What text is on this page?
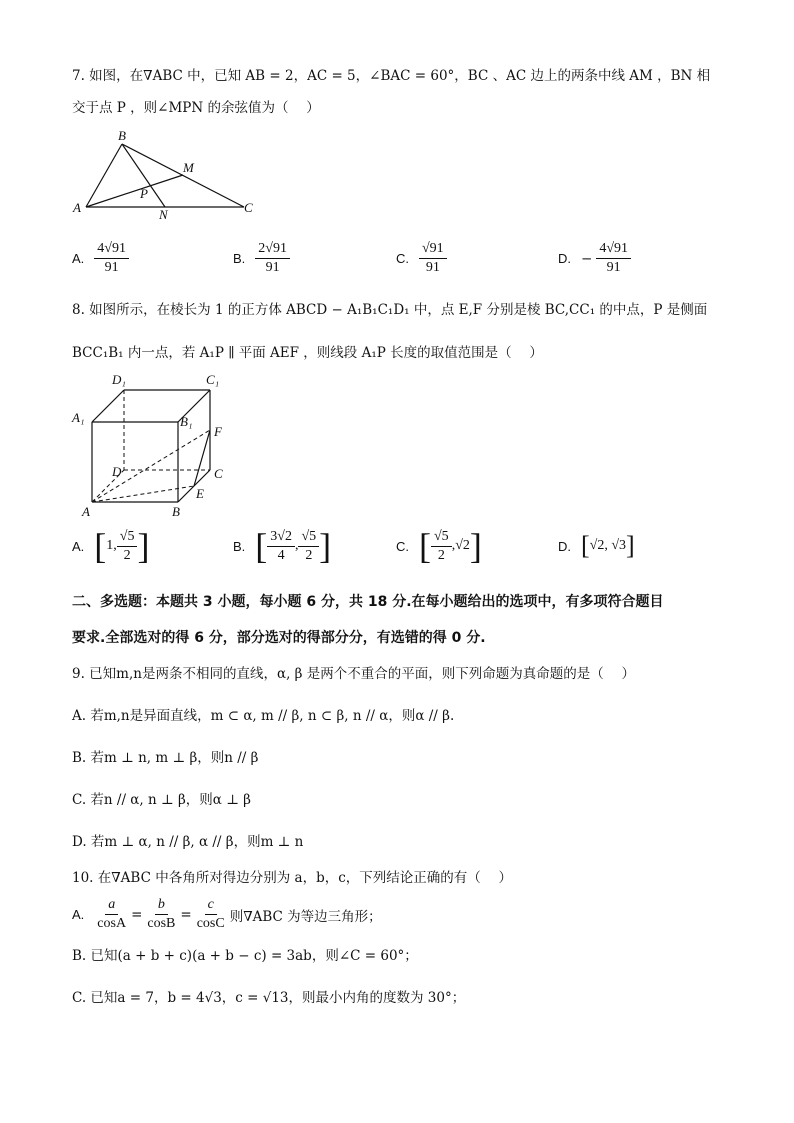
7. 如图，在∇ABC 中，已知 AB = 2，AC = 5，∠BAC = 60°，BC 、AC 边上的两条中线 AM ，BN 相
交于点 P ，则∠MPN 的余弦值为（　 ）
B
M
P
A	N	C
A. $\frac{4√91}{91}$	B. $\frac{2√91}{91}$	C. $\frac{√91}{91}$	D. − $\frac{4√91}{91}$
8. 如图所示，在棱长为 1 的正方体 ABCD − A₁B₁C₁D₁ 中，点 E,F 分别是棱 BC,CC₁ 的中点，P 是侧面
BCC₁B₁ 内一点，若 A₁P ∥ 平面 AEF ，则线段 A₁P 长度的取值范围是（　 ）
D₁	C₁
A₁	B₁
F
D	C
E
A	B
A. [ 1, $\frac{√5}{2}$ ]	B. [ $\frac{3√2}{4}$ , $\frac{√5}{2}$ ]	C. [ $\frac{√5}{2} ,√2$ ]	D. [ √2, √3 ]
二、多选题：本题共 3 小题，每小题 6 分，共 18 分.在每小题给出的选项中，有多项符合题目
要求.全部选对的得 6 分，部分选对的得部分分，有选错的得 0 分.
9. 已知m,n是两条不相同的直线，α, β 是两个不重合的平面，则下列命题为真命题的是（　 ）
A. 若m,n是异面直线，m ⊂ α, m // β, n ⊂ β, n // α，则α // β.
B. 若m ⊥ n, m ⊥ β，则n // β
C. 若n // α, n ⊥ β，则α ⊥ β
D. 若m ⊥ α, n // β, α // β，则m ⊥ n
10. 在∇ABC 中各角所对得边分别为 a，b，c，下列结论正确的有（　 ）
A. $\frac{a}{\cos A} = \frac{b}{\cos B} = \frac{c}{\cos C}$ 则∇ABC 为等边三角形；
B. 已知(a + b + c)(a + b − c) = 3ab，则∠C = 60°；
C. 已知a = 7，b = 4√3，c = √13，则最小内角的度数为 30°；
